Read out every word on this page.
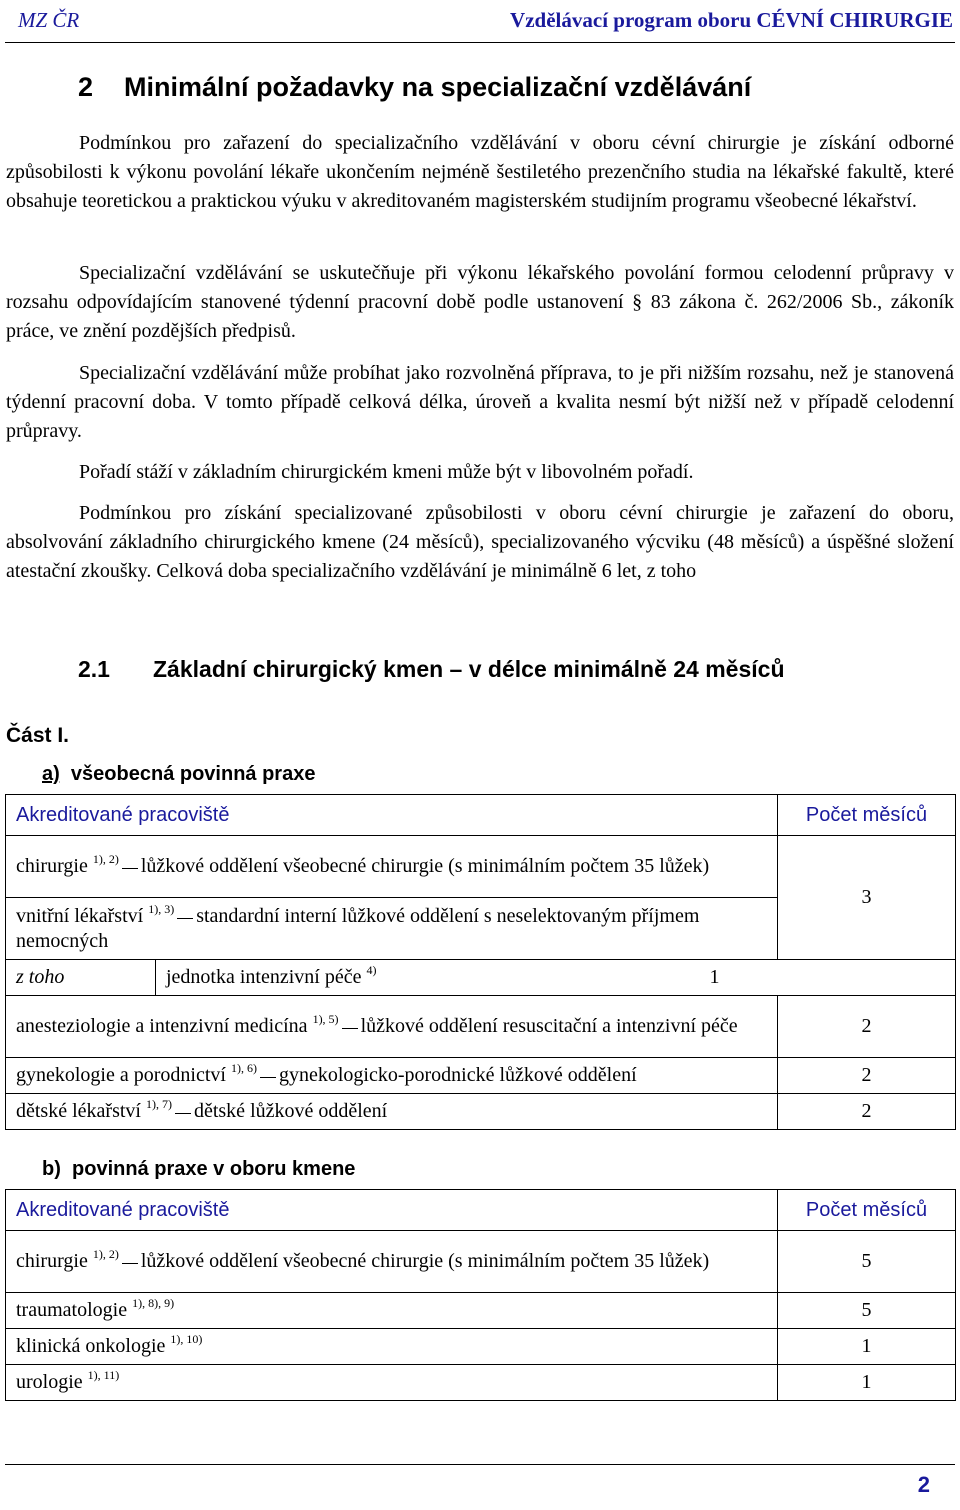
MZ ČR	Vzdělávací program oboru CÉVNÍ CHIRURGIE
2 Minimální požadavky na specializační vzdělávání
Podmínkou pro zařazení do specializačního vzdělávání v oboru cévní chirurgie je získání odborné způsobilosti k výkonu povolání lékaře ukončením nejméně šestiletého prezenčního studia na lékařské fakultě, které obsahuje teoretickou a praktickou výuku v akreditovaném magisterském studijním programu všeobecné lékařství.
Specializační vzdělávání se uskutečňuje při výkonu lékařského povolání formou celodenní průpravy v rozsahu odpovídajícím stanovené týdenní pracovní době podle ustanovení § 83 zákona č. 262/2006 Sb., zákoník práce, ve znění pozdějších předpisů.
Specializační vzdělávání může probíhat jako rozvolněná příprava, to je při nižším rozsahu, než je stanovená týdenní pracovní doba. V tomto případě celková délka, úroveň a kvalita nesmí být nižší než v případě celodenní průpravy.
Pořadí stáží v základním chirurgickém kmeni může být v libovolném pořadí.
Podmínkou pro získání specializované způsobilosti v oboru cévní chirurgie je zařazení do oboru, absolvování základního chirurgického kmene (24 měsíců), specializovaného výcviku (48 měsíců) a úspěšné složení atestační zkoušky. Celková doba specializačního vzdělávání je minimálně 6 let, z toho
2.1 Základní chirurgický kmen – v délce minimálně 24 měsíců
Část I.
a) všeobecná povinná praxe
Akreditované pracoviště		Počet měsíců
chirurgie $^{1), 2)}$ lůžkové oddělení všeobecné chirurgie (s minimálním počtem 35 lůžek)		3
vnitřní lékařství $^{1), 3)}$ standardní interní lůžkové oddělení s neselektovaným příjmem nemocných		
z toho	jednotka intenzivní péče $^{4)}$ 1	
anesteziologie a intenzivní medicína $^{1), 5)}$ lůžkové oddělení resuscitační a intenzivní péče		2
gynekologie a porodnictví $^{1), 6)}$ gynekologicko-porodnické lůžkové oddělení		2
dětské lékařství $^{1), 7)}$ dětské lůžkové oddělení		2
b) povinná praxe v oboru kmene
Akreditované pracoviště	Počet měsíců
chirurgie $^{1), 2)}$ lůžkové oddělení všeobecné chirurgie (s minimálním počtem 35 lůžek)	5
traumatologie $^{1), 8), 9)}$	5
klinická onkologie $^{1), 10)}$	1
urologie $^{1), 11)}$	1
2
